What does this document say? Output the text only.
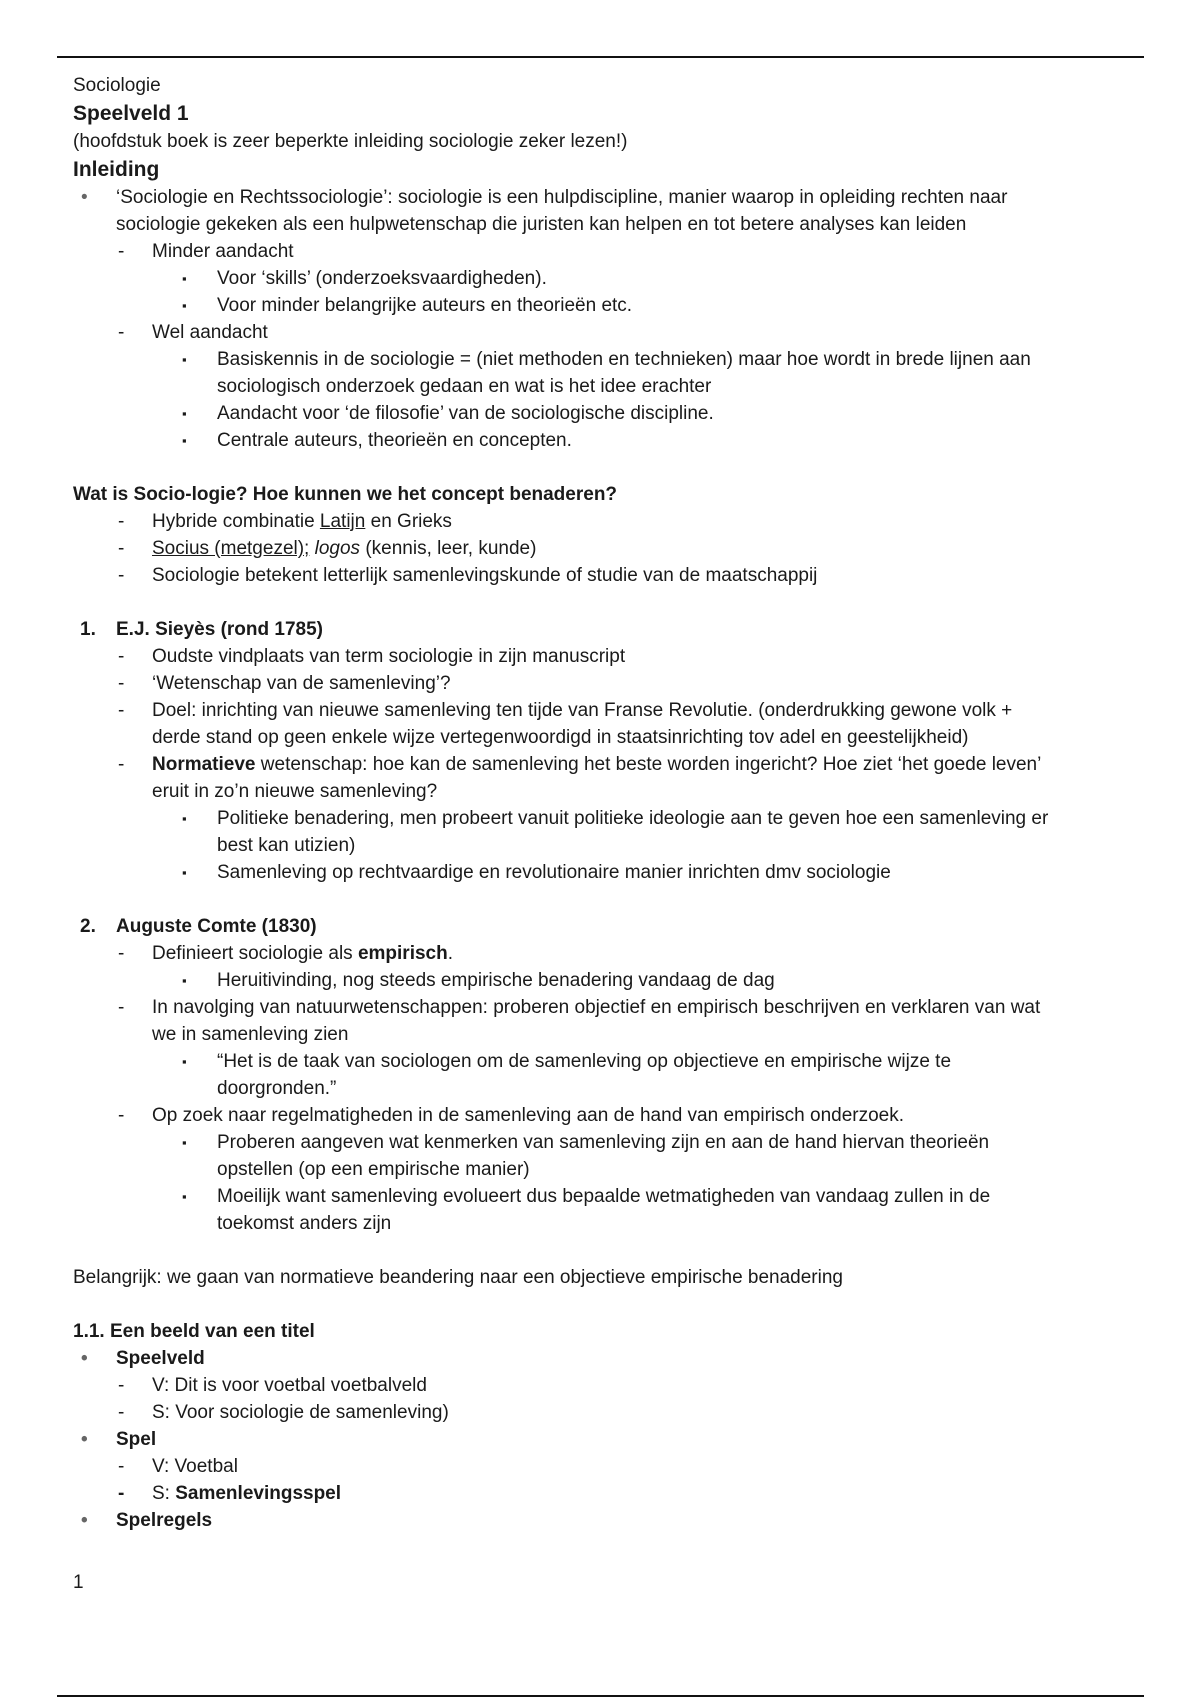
Sociologie
Speelveld 1
(hoofdstuk boek is zeer beperkte inleiding sociologie zeker lezen!)
Inleiding
• ‘Sociologie en Rechtssociologie’: sociologie is een hulpdiscipline, manier waarop in opleiding rechten naar
sociologie gekeken als een hulpwetenschap die juristen kan helpen en tot betere analyses kan leiden
- Minder aandacht
▪ Voor ‘skills’ (onderzoeksvaardigheden).
▪ Voor minder belangrijke auteurs en theorieën etc.
- Wel aandacht
▪ Basiskennis in de sociologie = (niet methoden en technieken) maar hoe wordt in brede lijnen aan
sociologisch onderzoek gedaan en wat is het idee erachter
▪ Aandacht voor ‘de filosofie’ van de sociologische discipline.
▪ Centrale auteurs, theorieën en concepten.
Wat is Socio-logie? Hoe kunnen we het concept benaderen?
- Hybride combinatie Latijn en Grieks
- Socius (metgezel); logos (kennis, leer, kunde)
- Sociologie betekent letterlijk samenlevingskunde of studie van de maatschappij
1. E.J. Sieyès (rond 1785)
- Oudste vindplaats van term sociologie in zijn manuscript
- ‘Wetenschap van de samenleving’?
- Doel: inrichting van nieuwe samenleving ten tijde van Franse Revolutie. (onderdrukking gewone volk +
derde stand op geen enkele wijze vertegenwoordigd in staatsinrichting tov adel en geestelijkheid)
- Normatieve wetenschap: hoe kan de samenleving het beste worden ingericht? Hoe ziet ‘het goede leven’
eruit in zo’n nieuwe samenleving?
▪ Politieke benadering, men probeert vanuit politieke ideologie aan te geven hoe een samenleving er
best kan utizien)
▪ Samenleving op rechtvaardige en revolutionaire manier inrichten dmv sociologie
2. Auguste Comte (1830)
- Definieert sociologie als empirisch.
▪ Heruitivinding, nog steeds empirische benadering vandaag de dag
- In navolging van natuurwetenschappen: proberen objectief en empirisch beschrijven en verklaren van wat
we in samenleving zien
▪ “Het is de taak van sociologen om de samenleving op objectieve en empirische wijze te
doorgronden.”
- Op zoek naar regelmatigheden in de samenleving aan de hand van empirisch onderzoek.
▪ Proberen aangeven wat kenmerken van samenleving zijn en aan de hand hiervan theorieën
opstellen (op een empirische manier)
▪ Moeilijk want samenleving evolueert dus bepaalde wetmatigheden van vandaag zullen in de
toekomst anders zijn
Belangrijk: we gaan van normatieve beandering naar een objectieve empirische benadering
1.1. Een beeld van een titel
• Speelveld
- V: Dit is voor voetbal voetbalveld
- S: Voor sociologie de samenleving)
• Spel
- V: Voetbal
- S: Samenlevingsspel
• Spelregels
1
